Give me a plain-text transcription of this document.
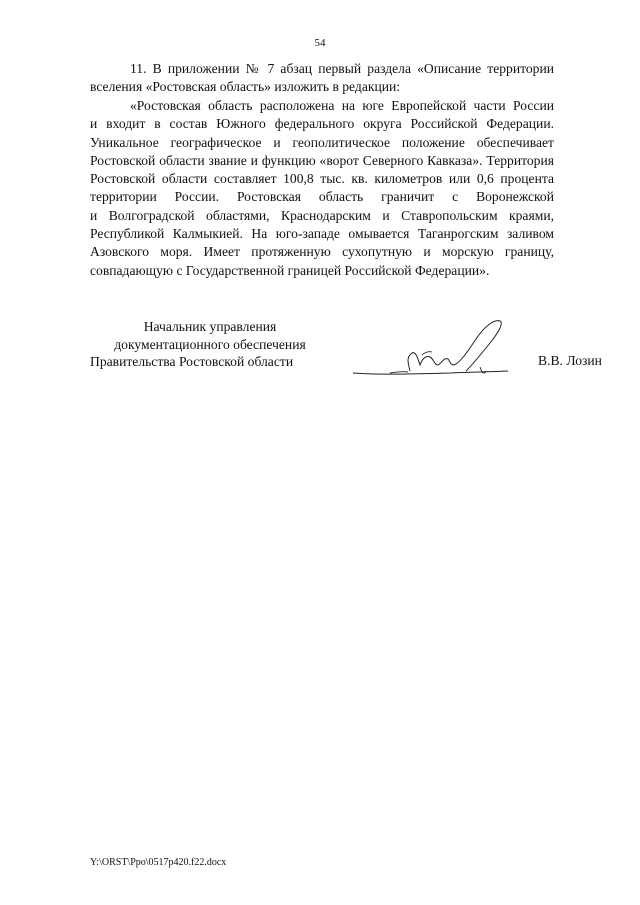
54
11. В приложении № 7 абзац первый раздела «Описание территории
вселения «Ростовская область» изложить в редакции:
«Ростовская область расположена на юге Европейской части России
и входит в состав Южного федерального округа Российской Федерации.
Уникальное географическое и геополитическое положение обеспечивает
Ростовской области звание и функцию «ворот Северного Кавказа». Территория
Ростовской области составляет 100,8 тыс. кв. километров или 0,6 процента
территории России. Ростовская область граничит с Воронежской
и Волгоградской областями, Краснодарским и Ставропольским краями,
Республикой Калмыкией. На юго-западе омывается Таганрогским заливом
Азовского моря. Имеет протяженную сухопутную и морскую границу,
совпадающую с Государственной границей Российской Федерации».
Начальник управления
документационного обеспечения
Правительства Ростовской области	В.В. Лозин
Y:\ORST\Ppo\0517p420.f22.docx
